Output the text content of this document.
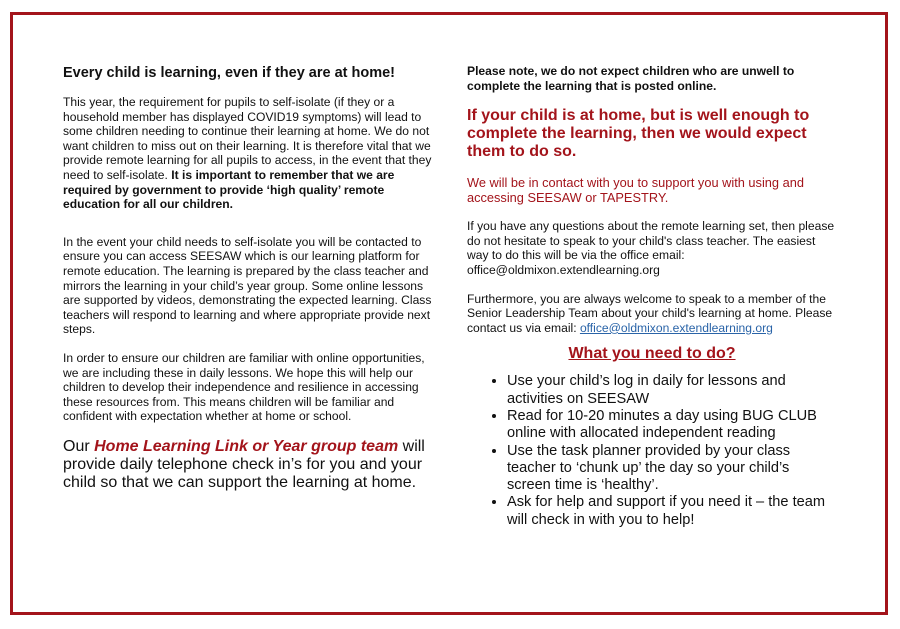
Every child is learning, even if they are at home!

This year, the requirement for pupils to self-isolate (if they or a household member has displayed COVID19 symptoms) will lead to some children needing to continue their learning at home. We do not want children to miss out on their learning. It is therefore vital that we provide remote learning for all pupils to access, in the event that they need to self-isolate. It is important to remember that we are required by government to provide ‘high quality’ remote education for all our children.

In the event your child needs to self-isolate you will be contacted to ensure you can access SEESAW which is our learning platform for remote education. The learning is prepared by the class teacher and mirrors the learning in your child’s year group. Some online lessons are supported by videos, demonstrating the expected learning. Class teachers will respond to learning and where appropriate provide next steps.

In order to ensure our children are familiar with online opportunities, we are including these in daily lessons. We hope this will help our children to develop their independence and resilience in accessing these resources from. This means children will be familiar and confident with expectation whether at home or school.

Our Home Learning Link or Year group team will provide daily telephone check in’s for you and your child so that we can support the learning at home.

Please note, we do not expect children who are unwell to complete the learning that is posted online.

If your child is at home, but is well enough to complete the learning, then we would expect them to do so.

We will be in contact with you to support you with using and accessing SEESAW or TAPESTRY.

If you have any questions about the remote learning set, then please do not hesitate to speak to your child's class teacher. The easiest way to do this will be via the office email: office@oldmixon.extendlearning.org

Furthermore, you are always welcome to speak to a member of the Senior Leadership Team about your child's learning at home. Please contact us via email: office@oldmixon.extendlearning.org

What you need to do?

• Use your child’s log in daily for lessons and activities on SEESAW
• Read for 10-20 minutes a day using BUG CLUB online with allocated independent reading
• Use the task planner provided by your class teacher to ‘chunk up’ the day so your child’s screen time is ‘healthy’.
• Ask for help and support if you need it – the team will check in with you to help!
